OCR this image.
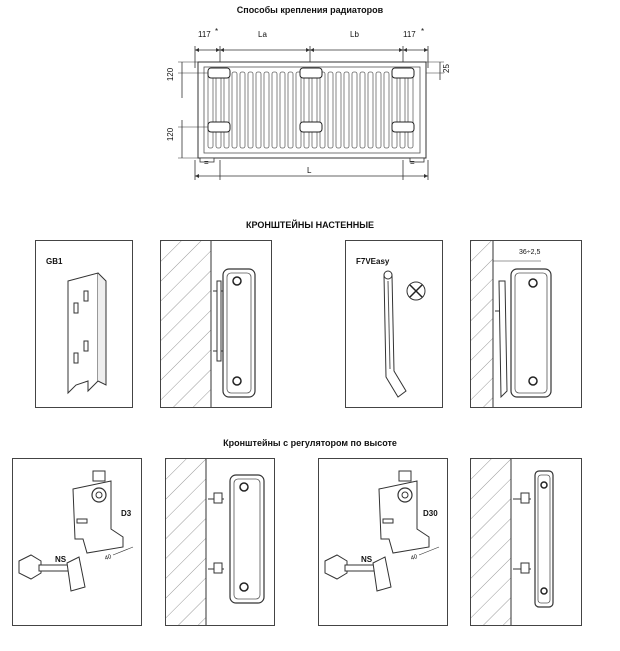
Способы крепления радиаторов
КРОНШТЕЙНЫ НАСТЕННЫЕ
Кронштейны с регулятором по высоте
117 *	La	Lb	117 *
120
120
25
L
=	=
GB1	F7VEasy
36÷2,5
D3
NS	40
D30
NS	40
